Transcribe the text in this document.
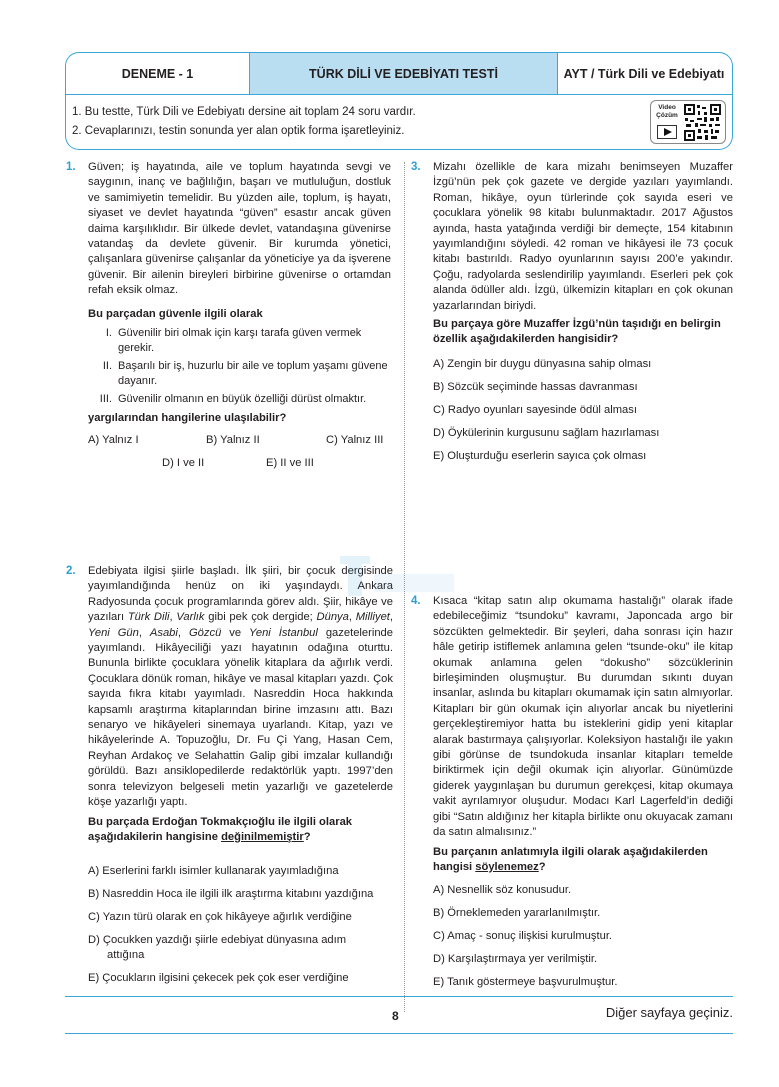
DENEME - 1	TÜRK DİLİ VE EDEBİYATI TESTİ	AYT / Türk Dili ve Edebiyatı
1. Bu testte, Türk Dili ve Edebiyatı dersine ait toplam 24 soru vardır.
2. Cevaplarınızı, testin sonunda yer alan optik forma işaretleyiniz.
Video
Çözüm
1. Güven; iş hayatında, aile ve toplum hayatında sevgi ve saygının, inanç ve bağlılığın, başarı ve mutluluğun, dostluk ve samimiyetin temelidir. Bu yüzden aile, toplum, iş hayatı, siyaset ve devlet hayatında “güven” esastır ancak güven daima karşılıklıdır. Bir ülkede devlet, vatandaşına güvenirse vatandaş da devlete güvenir. Bir kurumda yönetici, çalışanlara güvenirse çalışanlar da yöneticiye ya da işverene güvenir. Bir ailenin bireyleri birbirine güvenirse o ortamdan refah eksik olmaz.

Bu parçadan güvenle ilgili olarak

I. Güvenilir biri olmak için karşı tarafa güven vermek gerekir.
II. Başarılı bir iş, huzurlu bir aile ve toplum yaşamı güvene dayanır.
III. Güvenilir olmanın en büyük özelliği dürüst olmaktır.

yargılarından hangilerine ulaşılabilir?

A) Yalnız I	B) Yalnız II	C) Yalnız III
D) I ve II	E) II ve III
2. Edebiyata ilgisi şiirle başladı. İlk şiiri, bir çocuk dergisinde yayımlandığında henüz on iki yaşındaydı. Ankara Radyosunda çocuk programlarında görev aldı. Şiir, hikâye ve yazıları Türk Dili, Varlık gibi pek çok dergide; Dünya, Milliyet, Yeni Gün, Asabi, Gözcü ve Yeni İstanbul gazetelerinde yayımlandı. Hikâyeciliği yazı hayatının odağına oturttu. Bununla birlikte çocuklara yönelik kitaplara da ağırlık verdi. Çocuklara dönük roman, hikâye ve masal kitapları yazdı. Çok sayıda fıkra kitabı yayımladı. Nasreddin Hoca hakkında kapsamlı araştırma kitaplarından birine imzasını attı. Bazı senaryo ve hikâyeleri sinemaya uyarlandı. Kitap, yazı ve hikâyelerinde A. Topuzoğlu, Dr. Fu Çi Yang, Hasan Cem, Reyhan Ardakoç ve Selahattin Galip gibi imzalar kullandığı görüldü. Bazı ansiklopedilerde redaktörlük yaptı. 1997’den sonra televizyon belgeseli metin yazarlığı ve gazetelerde köşe yazarlığı yaptı.

Bu parçada Erdoğan Tokmakçıoğlu ile ilgili olarak aşağıdakilerin hangisine değinilmemiştir?

A) Eserlerini farklı isimler kullanarak yayımladığına
B) Nasreddin Hoca ile ilgili ilk araştırma kitabını yazdığına
C) Yazın türü olarak en çok hikâyeye ağırlık verdiğine
D) Çocukken yazdığı şiirle edebiyat dünyasına adım
attığına
E) Çocukların ilgisini çekecek pek çok eser verdiğine
3. Mizahı özellikle de kara mizahı benimseyen Muzaffer İzgü’nün pek çok gazete ve dergide yazıları yayımlandı. Roman, hikâye, oyun türlerinde çok sayıda eseri ve çocuklara yönelik 98 kitabı bulunmaktadır. 2017 Ağustos ayında, hasta yatağında verdiği bir demeçte, 154 kitabının yayımlandığını söyledi. 42 roman ve hikâyesi ile 73 çocuk kitabı bastırıldı. Radyo oyunlarının sayısı 200’e yakındır. Çoğu, radyolarda seslendirilip yayımlandı. Eserleri pek çok alanda ödüller aldı. İzgü, ülkemizin kitapları en çok okunan yazarlarından biriydi.

Bu parçaya göre Muzaffer İzgü’nün taşıdığı en belirgin özellik aşağıdakilerden hangisidir?

A) Zengin bir duygu dünyasına sahip olması
B) Sözcük seçiminde hassas davranması
C) Radyo oyunları sayesinde ödül alması
D) Öykülerinin kurgusunu sağlam hazırlaması
E) Oluşturduğu eserlerin sayıca çok olması
4. Kısaca “kitap satın alıp okumama hastalığı” olarak ifade edebileceğimiz “tsundoku” kavramı, Japoncada argo bir sözcükten gelmektedir. Bir şeyleri, daha sonrası için hazır hâle getirip istiflemek anlamına gelen “tsunde-oku” ile kitap okumak anlamına gelen “dokusho” sözcüklerinin birleşiminden oluşmuştur. Bu durumdan sıkıntı duyan insanlar, aslında bu kitapları okumamak için satın almıyorlar. Kitapları bir gün okumak için alıyorlar ancak bu niyetlerini gerçekleştiremiyor hatta bu isteklerini gidip yeni kitaplar alarak bastırmaya çalışıyorlar. Koleksiyon hastalığı ile yakın gibi görünse de tsundokuda insanlar kitapları temelde biriktirmek için değil okumak için alıyorlar. Günümüzde giderek yaygınlaşan bu durumun gerekçesi, kitap okumaya vakit ayrılamıyor oluşudur. Modacı Karl Lagerfeld’in dediği gibi “Satın aldığınız her kitapla birlikte onu okuyacak zamanı da satın almalısınız.”

Bu parçanın anlatımıyla ilgili olarak aşağıdakilerden hangisi söylenemez?

A) Nesnellik söz konusudur.
B) Örneklemeden yararlanılmıştır.
C) Amaç - sonuç ilişkisi kurulmuştur.
D) Karşılaştırmaya yer verilmiştir.
E) Tanık göstermeye başvurulmuştur.
8	Diğer sayfaya geçiniz.
